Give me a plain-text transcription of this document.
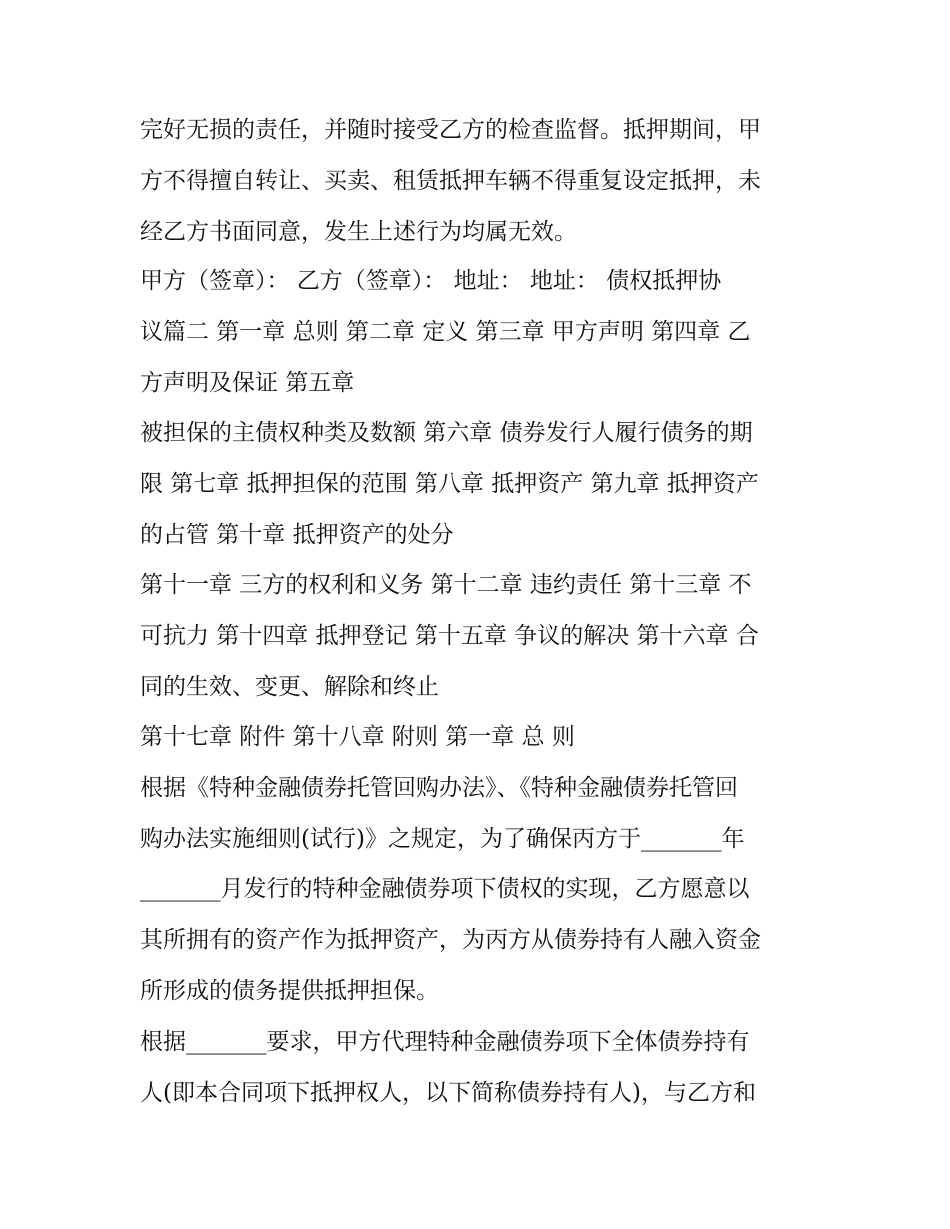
完好无损的责任，并随时接受乙方的检查监督。抵押期间，甲

方不得擅自转让、买卖、租赁抵押车辆不得重复设定抵押，未

经乙方书面同意，发生上述行为均属无效。

甲方（签章）： 乙方（签章）： 地址： 地址： 债权抵押协

议篇二 第一章 总则 第二章 定义 第三章 甲方声明 第四章 乙

方声明及保证 第五章

被担保的主债权种类及数额 第六章 债券发行人履行债务的期

限 第七章 抵押担保的范围 第八章 抵押资产 第九章 抵押资产

的占管 第十章 抵押资产的处分

第十一章 三方的权利和义务 第十二章 违约责任 第十三章 不

可抗力 第十四章 抵押登记 第十五章 争议的解决 第十六章 合

同的生效、变更、解除和终止

第十七章 附件 第十八章 附则 第一章 总 则

根据《特种金融债券托管回购办法》、《特种金融债券托管回

购办法实施细则(试行)》之规定，为了确保丙方于_______年

_______月发行的特种金融债券项下债权的实现，乙方愿意以

其所拥有的资产作为抵押资产，为丙方从债券持有人融入资金

所形成的债务提供抵押担保。

根据_______要求，甲方代理特种金融债券项下全体债券持有

人(即本合同项下抵押权人，以下简称债券持有人)，与乙方和
